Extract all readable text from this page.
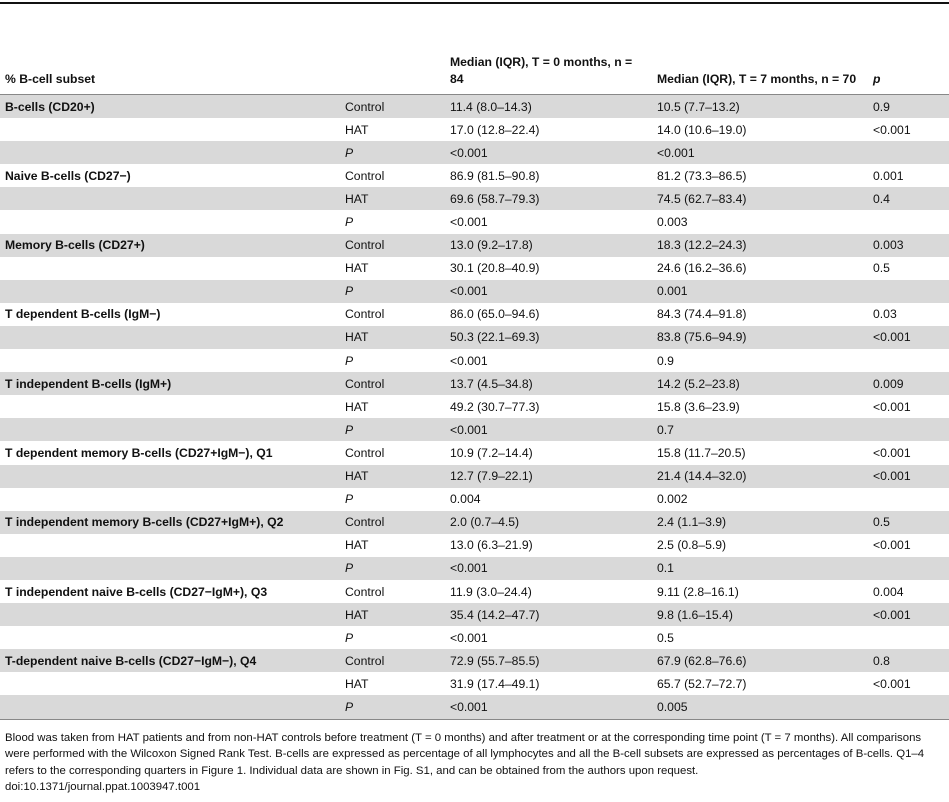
% B-cell subset		Median (IQR), T = 0 months, n = 84	Median (IQR), T = 7 months, n = 70	p
B-cells (CD20+)	Control	11.4 (8.0–14.3)	10.5 (7.7–13.2)	0.9
	HAT	17.0 (12.8–22.4)	14.0 (10.6–19.0)	<0.001
	P	<0.001	<0.001	
Naive B-cells (CD27−)	Control	86.9 (81.5–90.8)	81.2 (73.3–86.5)	0.001
	HAT	69.6 (58.7–79.3)	74.5 (62.7–83.4)	0.4
	P	<0.001	0.003	
Memory B-cells (CD27+)	Control	13.0 (9.2–17.8)	18.3 (12.2–24.3)	0.003
	HAT	30.1 (20.8–40.9)	24.6 (16.2–36.6)	0.5
	P	<0.001	0.001	
T dependent B-cells (IgM−)	Control	86.0 (65.0–94.6)	84.3 (74.4–91.8)	0.03
	HAT	50.3 (22.1–69.3)	83.8 (75.6–94.9)	<0.001
	P	<0.001	0.9	
T independent B-cells (IgM+)	Control	13.7 (4.5–34.8)	14.2 (5.2–23.8)	0.009
	HAT	49.2 (30.7–77.3)	15.8 (3.6–23.9)	<0.001
	P	<0.001	0.7	
T dependent memory B-cells (CD27+IgM−), Q1	Control	10.9 (7.2–14.4)	15.8 (11.7–20.5)	<0.001
	HAT	12.7 (7.9–22.1)	21.4 (14.4–32.0)	<0.001
	P	0.004	0.002	
T independent memory B-cells (CD27+IgM+), Q2	Control	2.0 (0.7–4.5)	2.4 (1.1–3.9)	0.5
	HAT	13.0 (6.3–21.9)	2.5 (0.8–5.9)	<0.001
	P	<0.001	0.1	
T independent naive B-cells (CD27−IgM+), Q3	Control	11.9 (3.0–24.4)	9.11 (2.8–16.1)	0.004
	HAT	35.4 (14.2–47.7)	9.8 (1.6–15.4)	<0.001
	P	<0.001	0.5	
T-dependent naive B-cells (CD27−IgM−), Q4	Control	72.9 (55.7–85.5)	67.9 (62.8–76.6)	0.8
	HAT	31.9 (17.4–49.1)	65.7 (52.7–72.7)	<0.001
	P	<0.001	0.005	

Blood was taken from HAT patients and from non-HAT controls before treatment (T = 0 months) and after treatment or at the corresponding time point (T = 7 months). All comparisons were performed with the Wilcoxon Signed Rank Test. B-cells are expressed as percentage of all lymphocytes and all the B-cell subsets are expressed as percentages of B-cells. Q1–4 refers to the corresponding quarters in Figure 1. Individual data are shown in Fig. S1, and can be obtained from the authors upon request.

doi:10.1371/journal.ppat.1003947.t001
